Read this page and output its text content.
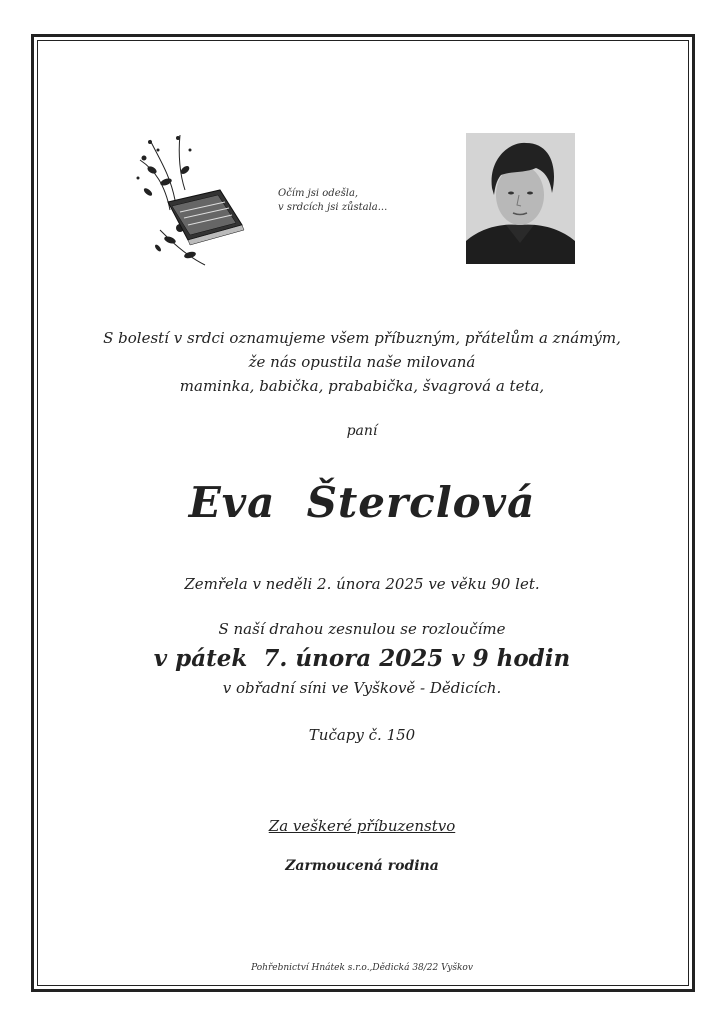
Očím jsi odešla,
v srdcích jsi zůstala...
S bolestí v srdci oznamujeme všem příbuzným, přátelům a známým,
že nás opustila naše milovaná
maminka, babička, prababička, švagrová a teta,
paní
Eva  Šterclová
Zemřela v neděli 2. února 2025 ve věku 90 let.
S naší drahou zesnulou se rozloučíme
v pátek  7. února 2025 v 9 hodin
v obřadní síni ve Vyškově - Dědicích.
Tučapy č. 150
Za veškeré příbuzenstvo
Zarmoucená rodina
Pohřebnictví Hnátek s.r.o.,Dědická 38/22 Vyškov
